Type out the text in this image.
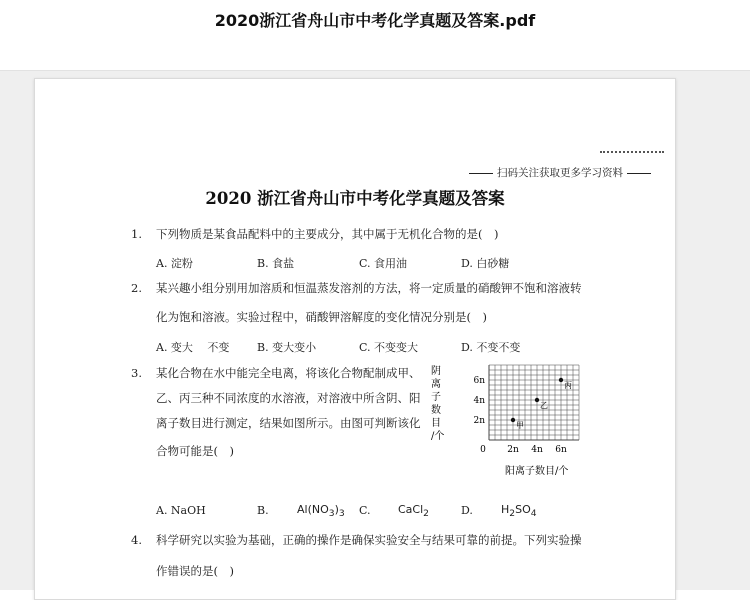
2020浙江省舟山市中考化学真题及答案.pdf
扫码关注获取更多学习资料
2020 浙江省舟山市中考化学真题及答案
1. 下列物质是某食品配料中的主要成分，其中属于无机化合物的是(　)
A. 淀粉	B. 食盐	C. 食用油	D. 白砂糖
2. 某兴趣小组分别用加溶质和恒温蒸发溶剂的方法，将一定质量的硝酸钾不饱和溶液转
化为饱和溶液。实验过程中，硝酸钾溶解度的变化情况分别是(　)
A. 变大　 不变	B. 变大变小	C. 不变变大	D. 不变不变
3. 某化合物在水中能完全电离，将该化合物配制成甲、
乙、丙三种不同浓度的水溶液，对溶液中所含阴、阳
离子数目进行测定，结果如图所示。由图可判断该化
合物可能是(　)
阴
离
子
数
目
/个
2n
4n
6n
0 2n 4n 6n
甲
乙
丙
阳离子数目/个
A. NaOH	B.	$Al(NO_3)_3$ C. CaCl$_2$	D.	$H_2SO_4$
4. 科学研究以实验为基础，正确的操作是确保实验安全与结果可靠的前提。下列实验操
作错误的是(　)
